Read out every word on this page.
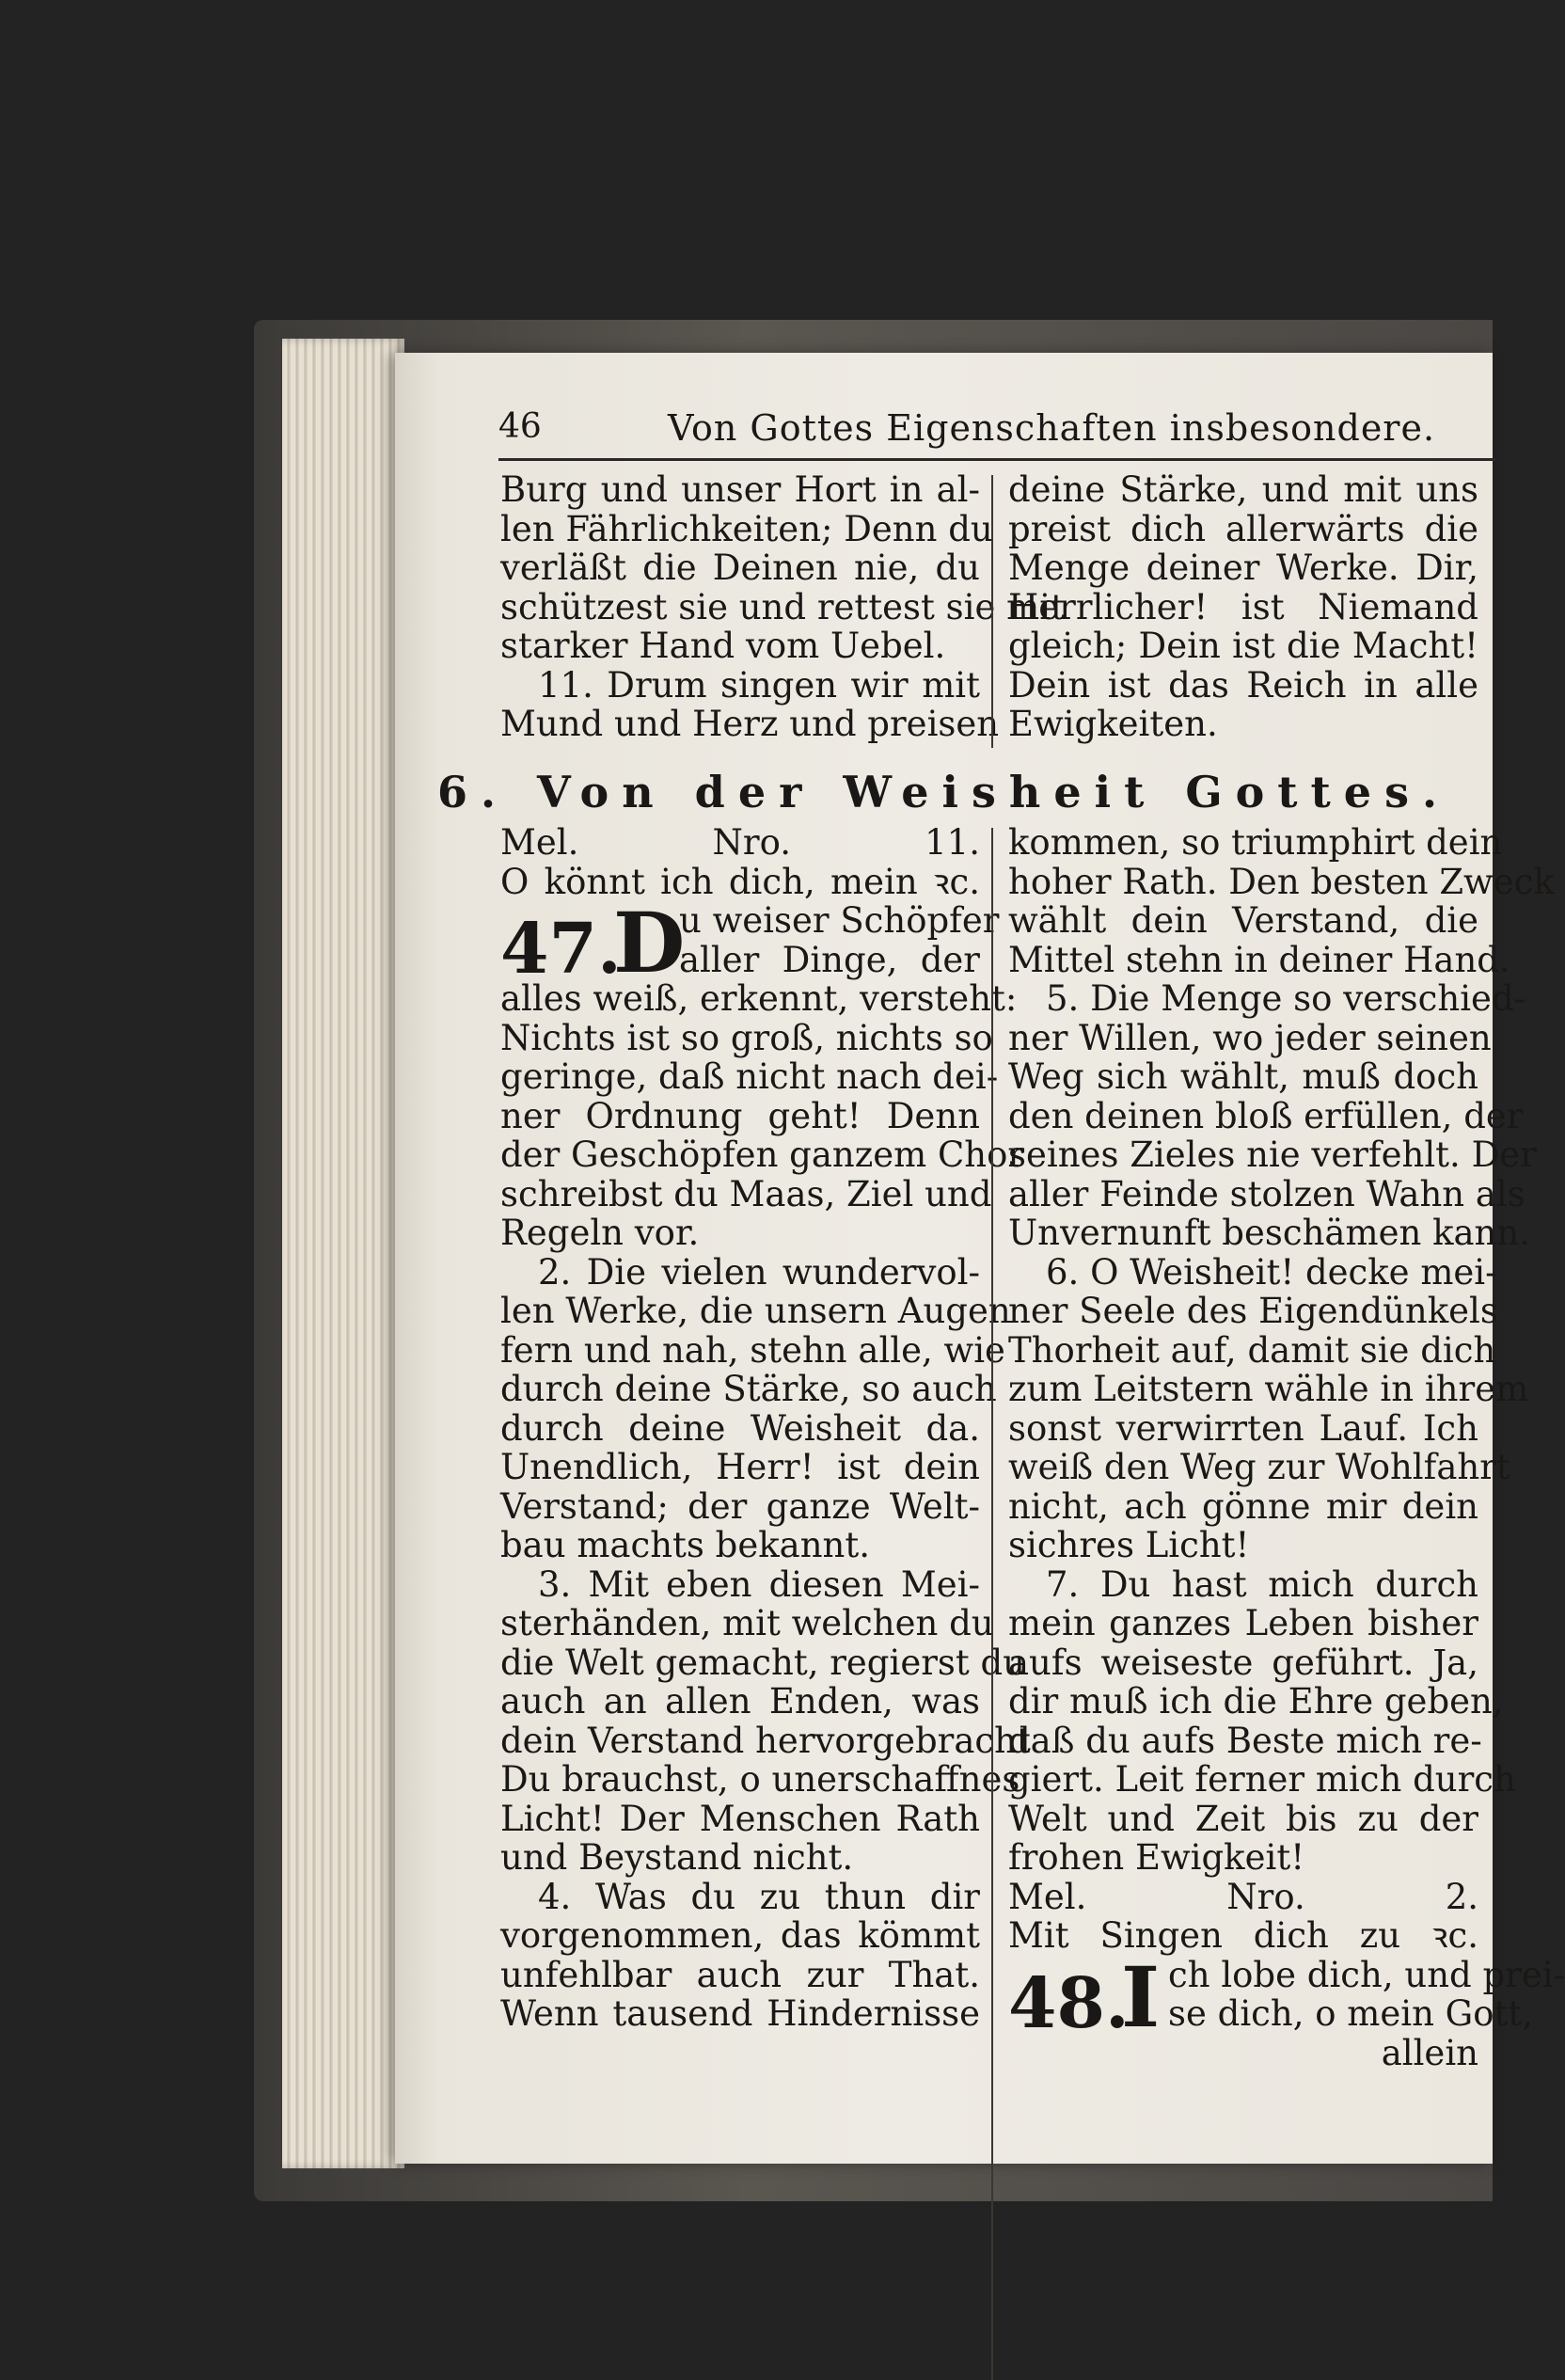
46	Von Gottes Eigenschaften insbesondere.
Burg und unser Hort in al-
len Fährlichkeiten; Denn du
verläßt die Deinen nie, du
schützest sie und rettest sie mit
starker Hand vom Uebel.
11. Drum singen wir mit
Mund und Herz und preisen
deine Stärke, und mit uns
preist dich allerwärts die
Menge deiner Werke. Dir,
Herrlicher! ist Niemand
gleich; Dein ist die Macht!
Dein ist das Reich in alle
Ewigkeiten.
6. Von der Weisheit Gottes.
Mel. Nro. 11.
O könnt ich dich, mein ꝛc.
47.
D
u weiser Schöpfer
aller Dinge, der
alles weiß, erkennt, versteht:
Nichts ist so groß, nichts so
geringe, daß nicht nach dei-
ner Ordnung geht! Denn
der Geschöpfen ganzem Chor
schreibst du Maas, Ziel und
Regeln vor.
2. Die vielen wundervol-
len Werke, die unsern Augen
fern und nah, stehn alle, wie
durch deine Stärke, so auch
durch deine Weisheit da.
Unendlich, Herr! ist dein
Verstand; der ganze Welt-
bau machts bekannt.
3. Mit eben diesen Mei-
sterhänden, mit welchen du
die Welt gemacht, regierst du
auch an allen Enden, was
dein Verstand hervorgebracht
Du brauchst, o unerschaffnes
Licht! Der Menschen Rath
und Beystand nicht.
4. Was du zu thun dir
vorgenommen, das kömmt
unfehlbar auch zur That.
Wenn tausend Hindernisse
kommen, so triumphirt dein
hoher Rath. Den besten Zweck
wählt dein Verstand, die
Mittel stehn in deiner Hand.
5. Die Menge so verschied-
ner Willen, wo jeder seinen
Weg sich wählt, muß doch
den deinen bloß erfüllen, der
seines Zieles nie verfehlt. Der
aller Feinde stolzen Wahn als
Unvernunft beschämen kann.
6. O Weisheit! decke mei-
ner Seele des Eigendünkels
Thorheit auf, damit sie dich
zum Leitstern wähle in ihrem
sonst verwirrten Lauf. Ich
weiß den Weg zur Wohlfahrt
nicht, ach gönne mir dein
sichres Licht!
7. Du hast mich durch
mein ganzes Leben bisher
aufs weiseste geführt. Ja,
dir muß ich die Ehre geben,
daß du aufs Beste mich re-
giert. Leit ferner mich durch
Welt und Zeit bis zu der
frohen Ewigkeit!
Mel. Nro. 2.
Mit Singen dich zu ꝛc.
48.
I ch lobe dich, und prei-
se dich, o mein Gott,
allein
